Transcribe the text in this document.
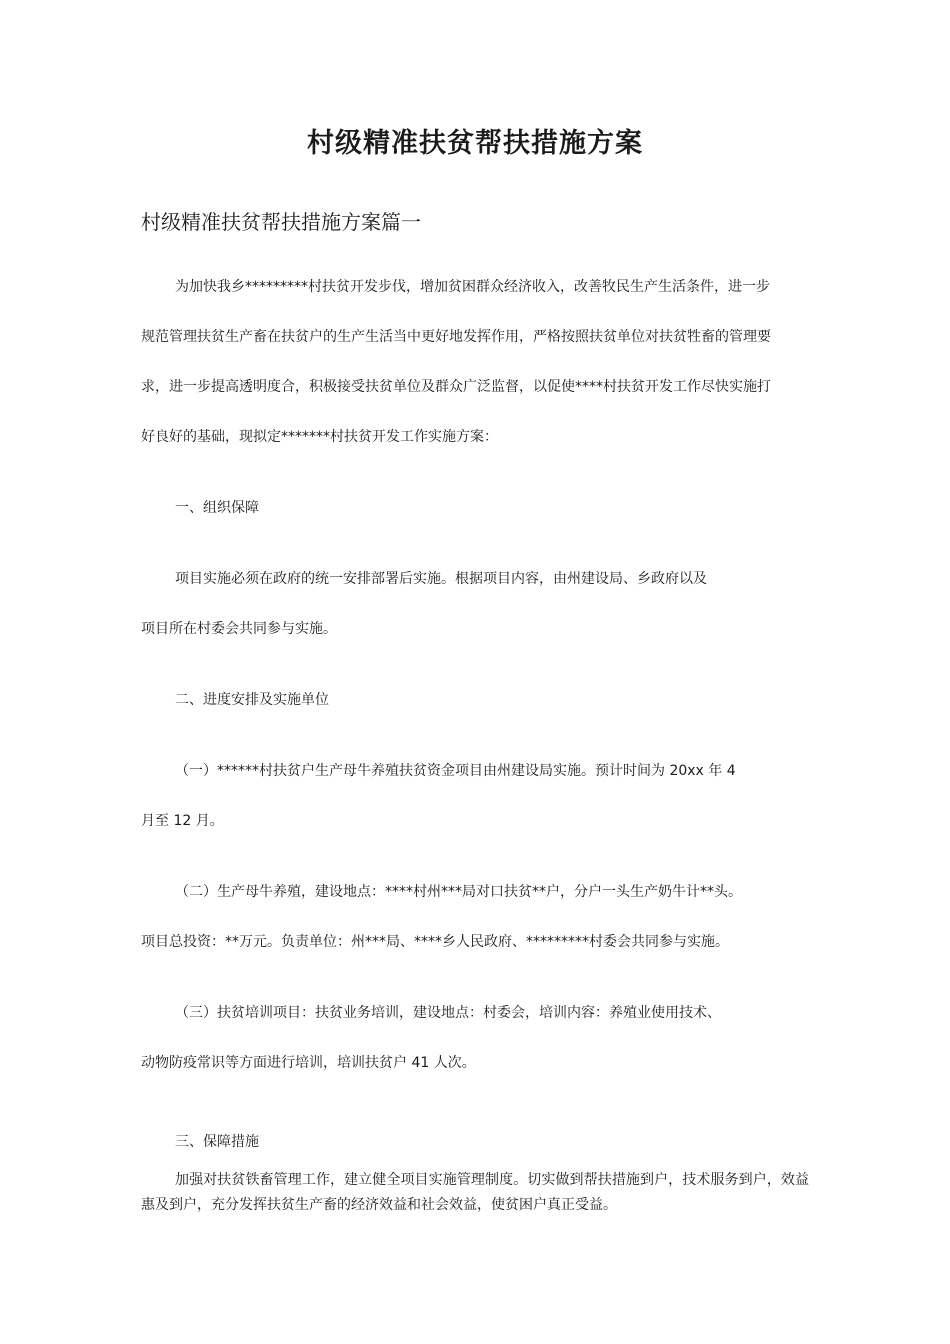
村级精准扶贫帮扶措施方案
村级精准扶贫帮扶措施方案篇一
为加快我乡*********村扶贫开发步伐，增加贫困群众经济收入，改善牧民生产生活条件，进一步
规范管理扶贫生产畜在扶贫户的生产生活当中更好地发挥作用，严格按照扶贫单位对扶贫牲畜的管理要
求，进一步提高透明度合，积极接受扶贫单位及群众广泛监督，以促使****村扶贫开发工作尽快实施打
好良好的基础，现拟定*******村扶贫开发工作实施方案：
一、组织保障
项目实施必须在政府的统一安排部署后实施。根据项目内容，由州建设局、乡政府以及
项目所在村委会共同参与实施。
二、进度安排及实施单位
（一）******村扶贫户生产母牛养殖扶贫资金项目由州建设局实施。预计时间为 20xx 年 4
月至 12 月。
（二）生产母牛养殖，建设地点：****村州***局对口扶贫**户，分户一头生产奶牛计**头。
项目总投资：**万元。负责单位：州***局、****乡人民政府、*********村委会共同参与实施。
（三）扶贫培训项目：扶贫业务培训，建设地点：村委会，培训内容：养殖业使用技术、
动物防疫常识等方面进行培训，培训扶贫户 41 人次。
三、保障措施
加强对扶贫铁畜管理工作，建立健全项目实施管理制度。切实做到帮扶措施到户，技术服务到户，效益惠及到户，充分发挥扶贫生产畜的经济效益和社会效益，使贫困户真正受益。
